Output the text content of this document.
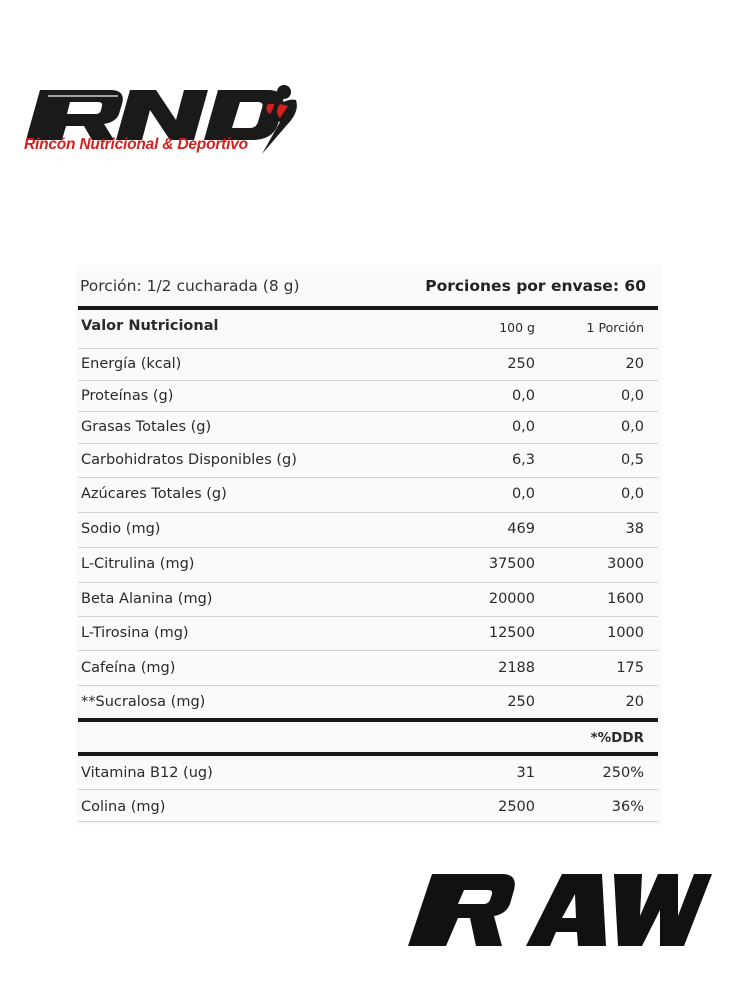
Rincón Nutricional & Deportivo
Porción: 1/2 cucharada (8 g)	Porciones por envase: 60
Valor Nutricional	100 g	1 Porción
Energía (kcal)	250	20
Proteínas (g)	0,0	0,0
Grasas Totales (g)	0,0	0,0
Carbohidratos Disponibles (g)	6,3	0,5
Azúcares Totales (g)	0,0	0,0
Sodio (mg)	469	38
L-Citrulina (mg)	37500	3000
Beta Alanina (mg)	20000	1600
L-Tirosina (mg)	12500	1000
Cafeína (mg)	2188	175
**Sucralosa (mg)	250	20
*%DDR
Vitamina B12 (ug)	31	250%
Colina (mg)	2500	36%
